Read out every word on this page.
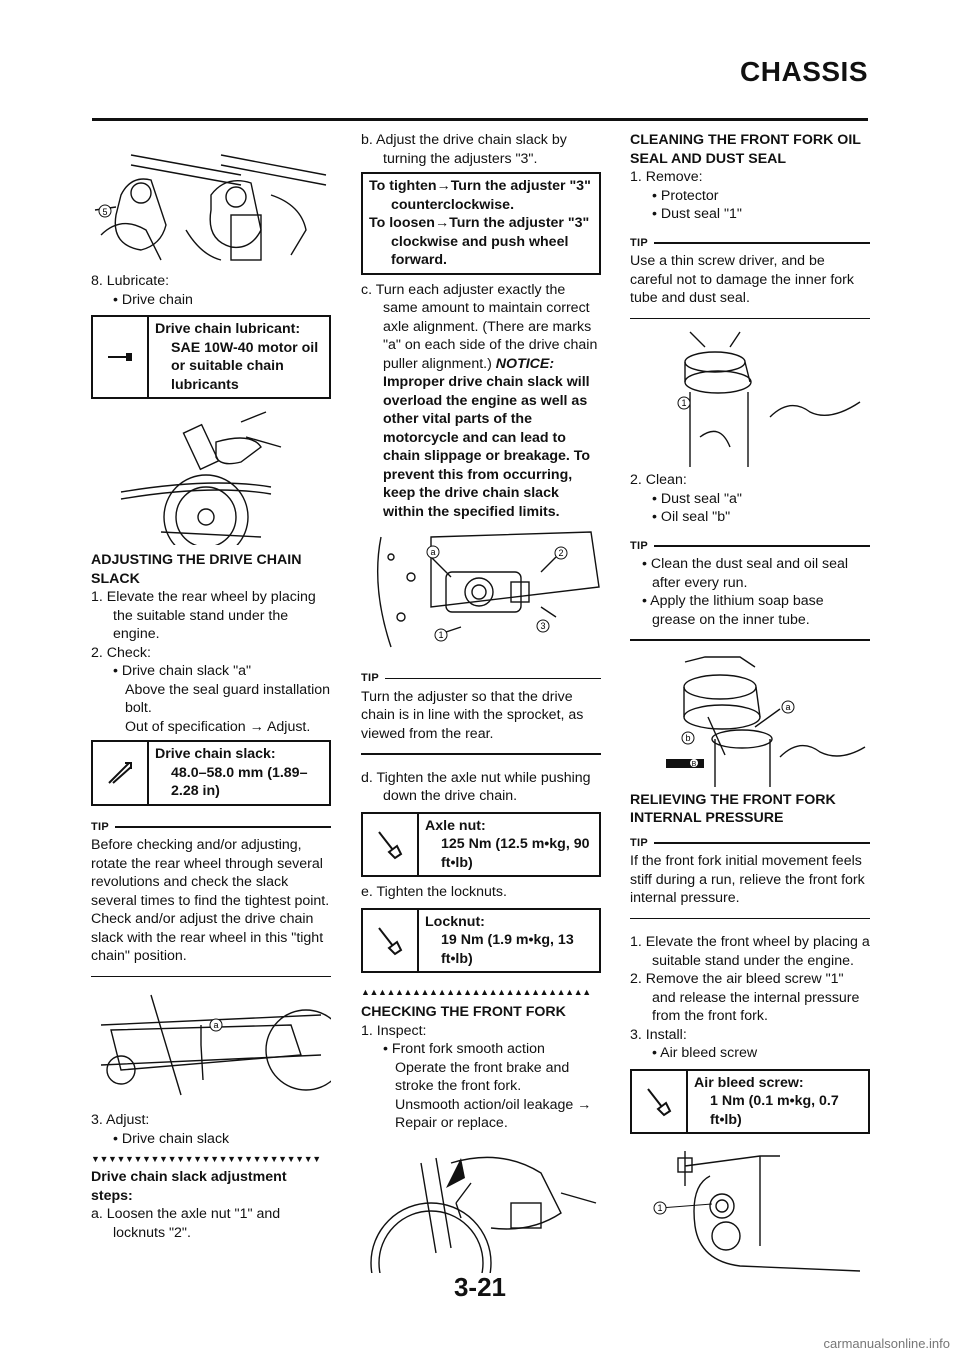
CHASSIS
5

8. Lubricate:

• Drive chain

Drive chain lubricant:
SAE 10W-40 motor oil or suitable chain lubricants

ADJUSTING THE DRIVE CHAIN SLACK

1. Elevate the rear wheel by placing the suitable stand under the engine.

2. Check:

• Drive chain slack "a"

Above the seal guard installation bolt.

Out of specification → Adjust.

Drive chain slack:
48.0–58.0 mm (1.89–2.28 in)
TIP

Before checking and/or adjusting, rotate the rear wheel through several revolutions and check the slack several times to find the tightest point. Check and/or adjust the drive chain slack with the rear wheel in this "tight chain" position.

a

3. Adjust:

• Drive chain slack

▼▼▼▼▼▼▼▼▼▼▼▼▼▼▼▼▼▼▼▼▼▼▼▼▼▼▼

Drive chain slack adjustment steps:

a. Loosen the axle nut "1" and locknuts "2".

b. Adjust the drive chain slack by turning the adjusters "3".

To tighten→Turn the adjuster "3" counterclockwise.
To loosen→Turn the adjuster "3" clockwise and push wheel forward.

c. Turn each adjuster exactly the same amount to maintain correct axle alignment. (There are marks "a" on each side of the drive chain puller alignment.) NOTICE: Improper drive chain slack will overload the engine as well as other vital parts of the motorcycle and can lead to chain slippage or breakage. To prevent this from occurring, keep the drive chain slack within the specified limits.

a	2
1
3
TIP

Turn the adjuster so that the drive chain is in line with the sprocket, as viewed from the rear.

d. Tighten the axle nut while pushing down the drive chain.

Axle nut:
125 Nm (12.5 m•kg, 90 ft•lb)

e. Tighten the locknuts.

Locknut:
19 Nm (1.9 m•kg, 13 ft•lb)
▲▲▲▲▲▲▲▲▲▲▲▲▲▲▲▲▲▲▲▲▲▲▲▲▲▲▲

CHECKING THE FRONT FORK

1. Inspect:

• Front fork smooth action

Operate the front brake and stroke the front fork.

Unsmooth action/oil leakage → Repair or replace.

CLEANING THE FRONT FORK OIL SEAL AND DUST SEAL

1. Remove:

• Protector

• Dust seal "1"

TIP

Use a thin screw driver, and be careful not to damage the inner fork tube and dust seal.

1

2. Clean:

• Dust seal "a"

• Oil seal "b"

TIP

• Clean the dust seal and oil seal after every run.

• Apply the lithium soap base grease on the inner tube.

a
b
B

RELIEVING THE FRONT FORK INTERNAL PRESSURE

TIP

If the front fork initial movement feels stiff during a run, relieve the front fork internal pressure.

1. Elevate the front wheel by placing a suitable stand under the engine.

2. Remove the air bleed screw "1" and release the internal pressure from the front fork.

3. Install:

• Air bleed screw

Air bleed screw:
1 Nm (0.1 m•kg, 0.7 ft•lb)
1
3-21
carmanualsonline.info
